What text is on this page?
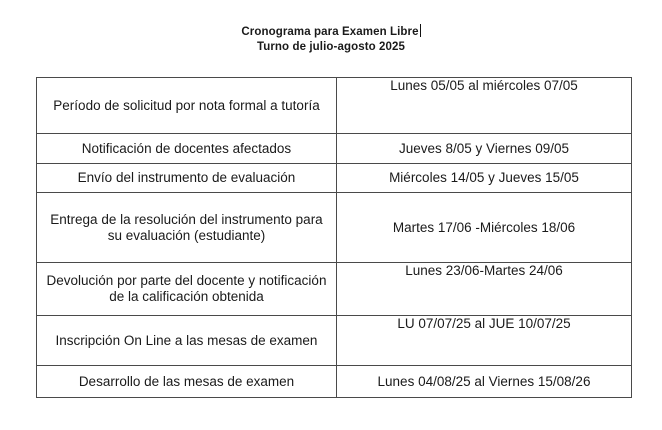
Cronograma para Examen Libre
Turno de julio-agosto 2025
Período de solicitud por nota formal a tutoría	Lunes 05/05 al miércoles 07/05
Notificación de docentes afectados	Jueves 8/05 y Viernes 09/05
Envío del instrumento de evaluación	Miércoles 14/05 y Jueves 15/05
Entrega de la resolución del instrumento para su evaluación (estudiante)	Martes 17/06 -Miércoles 18/06
Devolución por parte del docente y notificación de la calificación obtenida	Lunes 23/06-Martes 24/06
Inscripción On Line a las mesas de examen	LU 07/07/25 al JUE 10/07/25
Desarrollo de las mesas de examen	Lunes 04/08/25 al Viernes 15/08/26
